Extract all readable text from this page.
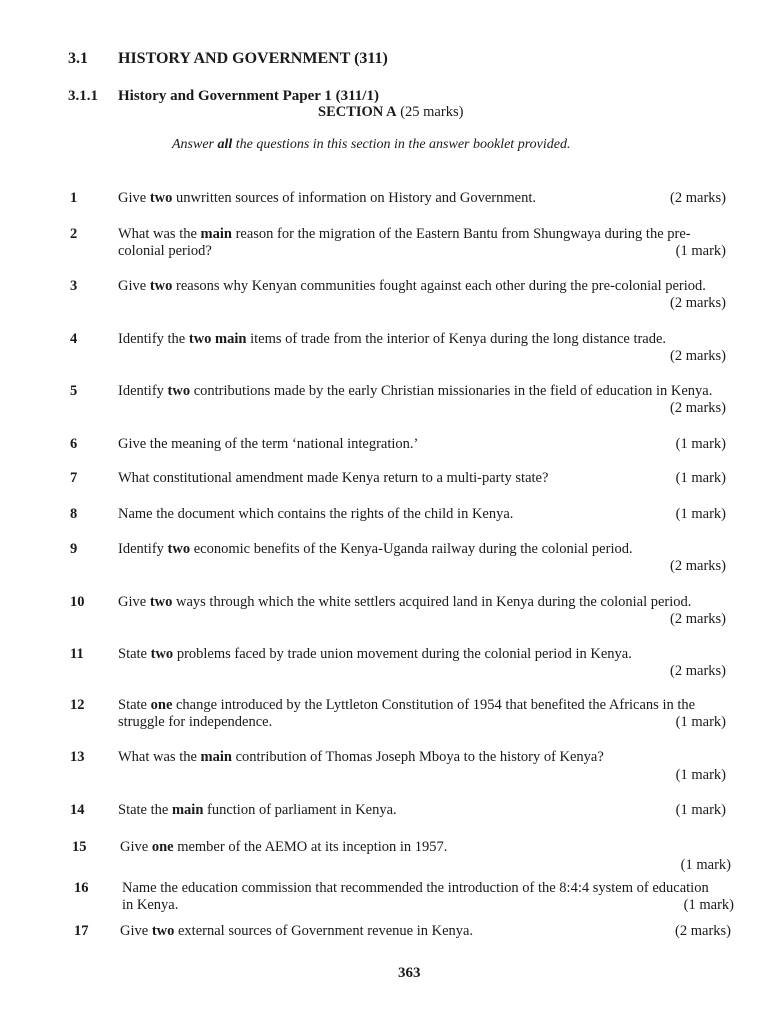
3.1 HISTORY AND GOVERNMENT (311)
3.1.1 History and Government Paper 1 (311/1)
SECTION A (25 marks)
Answer all the questions in this section in the answer booklet provided.
1	Give two unwritten sources of information on History and Government.	(2 marks)
2	What was the main reason for the migration of the Eastern Bantu from Shungwaya during the pre-colonial period?	(1 mark)
3	Give two reasons why Kenyan communities fought against each other during the pre-colonial period.
(2 marks)
4	Identify the two main items of trade from the interior of Kenya during the long distance trade.
(2 marks)
5	Identify two contributions made by the early Christian missionaries in the field of education in Kenya.
(2 marks)
6	Give the meaning of the term ‘national integration.’	(1 mark)
7	What constitutional amendment made Kenya return to a multi-party state?	(1 mark)
8	Name the document which contains the rights of the child in Kenya.	(1 mark)
9	Identify two economic benefits of the Kenya-Uganda railway during the colonial period.
(2 marks)
10 Give two ways through which the white settlers acquired land in Kenya during the colonial period.
(2 marks)
11 State two problems faced by trade union movement during the colonial period in Kenya.
(2 marks)
12 State one change introduced by the Lyttleton Constitution of 1954 that benefited the Africans in the struggle for independence.	(1 mark)
13 What was the main contribution of Thomas Joseph Mboya to the history of Kenya?
(1 mark)
14 State the main function of parliament in Kenya.	(1 mark)
15 Give one member of the AEMO at its inception in 1957.
(1 mark)
16 Name the education commission that recommended the introduction of the 8:4:4 system of education in Kenya.	(1 mark)
17 Give two external sources of Government revenue in Kenya.	(2 marks)
363
